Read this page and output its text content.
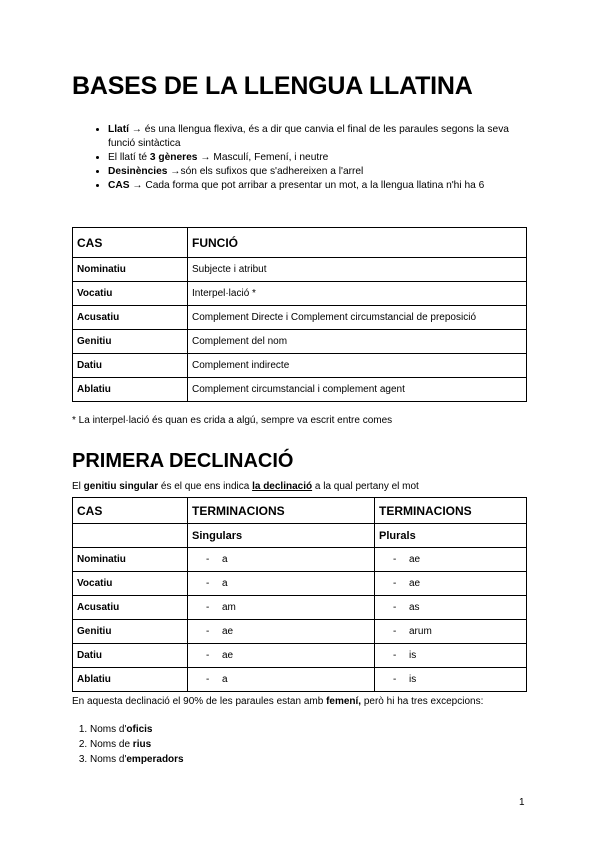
BASES DE LA LLENGUA LLATINA
• Llatí → és una llengua flexiva, és a dir que canvia el final de les paraules segons la seva funció sintàctica
• El llatí té 3 gèneres → Masculí, Femení, i neutre
• Desinències →són els sufixos que s'adhereixen a l'arrel
• CAS → Cada forma que pot arribar a presentar un mot, a la llengua llatina n'hi ha 6
CAS	FUNCIÓ
Nominatiu	Subjecte i atribut
Vocatiu	Interpel·lació *
Acusatiu	Complement Directe i Complement circumstancial de preposició
Genitiu	Complement del nom
Datiu	Complement indirecte
Ablatiu	Complement circumstancial i complement agent

* La interpel·lació és quan es crida a algú, sempre va escrit entre comes

PRIMERA DECLINACIÓ

El genitiu singular és el que ens indica la declinació a la qual pertany el mot

CAS	TERMINACIONS	TERMINACIONS
	Singulars	Plurals
Nominatiu	- a	- ae
Vocatiu	- a	- ae
Acusatiu	- am	- as
Genitiu	- ae	- arum
Datiu	- ae	- is
Ablatiu	- a	- is

En aquesta declinació el 90% de les paraules estan amb femení, però hi ha tres excepcions:

1. Noms d'oficis
2. Noms de rius
3. Noms d'emperadors
1
